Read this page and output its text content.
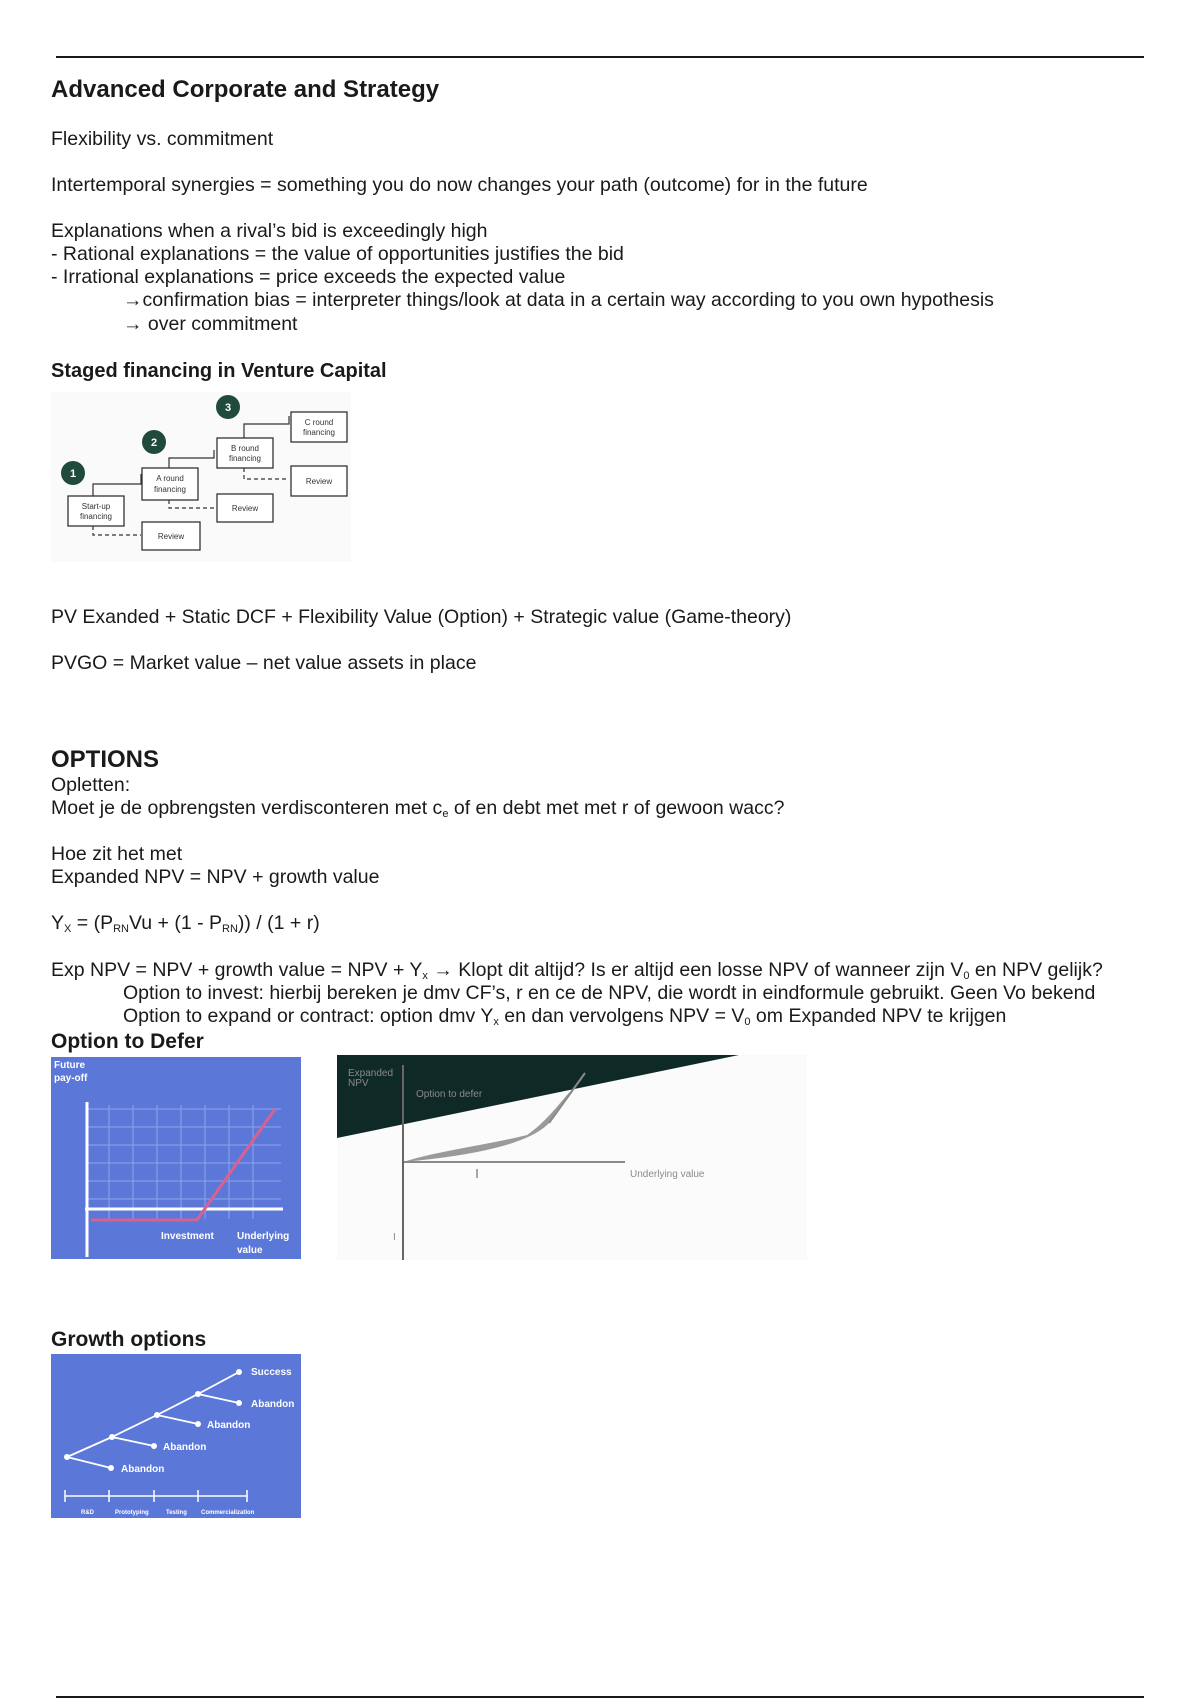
Advanced Corporate and Strategy
Flexibility vs. commitment
Intertemporal synergies = something you do now changes your path (outcome) for in the future
Explanations when a rival’s bid is exceedingly high
- Rational explanations = the value of opportunities justifies the bid
- Irrational explanations = price exceeds the expected value
→confirmation bias = interpreter things/look at data in a certain way according to you own hypothesis
→ over commitment
Staged financing in Venture Capital
Start-up
financing
A round
financing
B round
financing
C round
financing
Review
Review
Review
1
2
3
PV Exanded + Static DCF + Flexibility Value (Option) + Strategic value (Game-theory)
PVGO = Market value – net value assets in place
OPTIONS
Opletten:
Moet je de opbrengsten verdisconteren met $c_e$ of en debt met met r of gewoon wacc?
Hoe zit het met
Expanded NPV = NPV + growth value
$Y_X = (P_{RN}Vu + (1 - P_{RN})) / (1 + r)$
Exp NPV = NPV + growth value = NPV + $Y_x$ → Klopt dit altijd? Is er altijd een losse NPV of wanneer zijn $V_0$ en NPV gelijk?
Option to invest: hierbij bereken je dmv CF’s, r en ce de NPV, die wordt in eindformule gebruikt. Geen Vo bekend
Option to expand or contract: option dmv $Y_x$ en dan vervolgens NPV = $V_0$ om Expanded NPV te krijgen
Option to Defer
Future
pay-off
Investment Underlying
value
Expanded
NPV
Option to defer
Underlying value
I
Growth options
Success
Abandon
Abandon
Abandon
Abandon
R&D	Prototyping	Testing Commercialization
